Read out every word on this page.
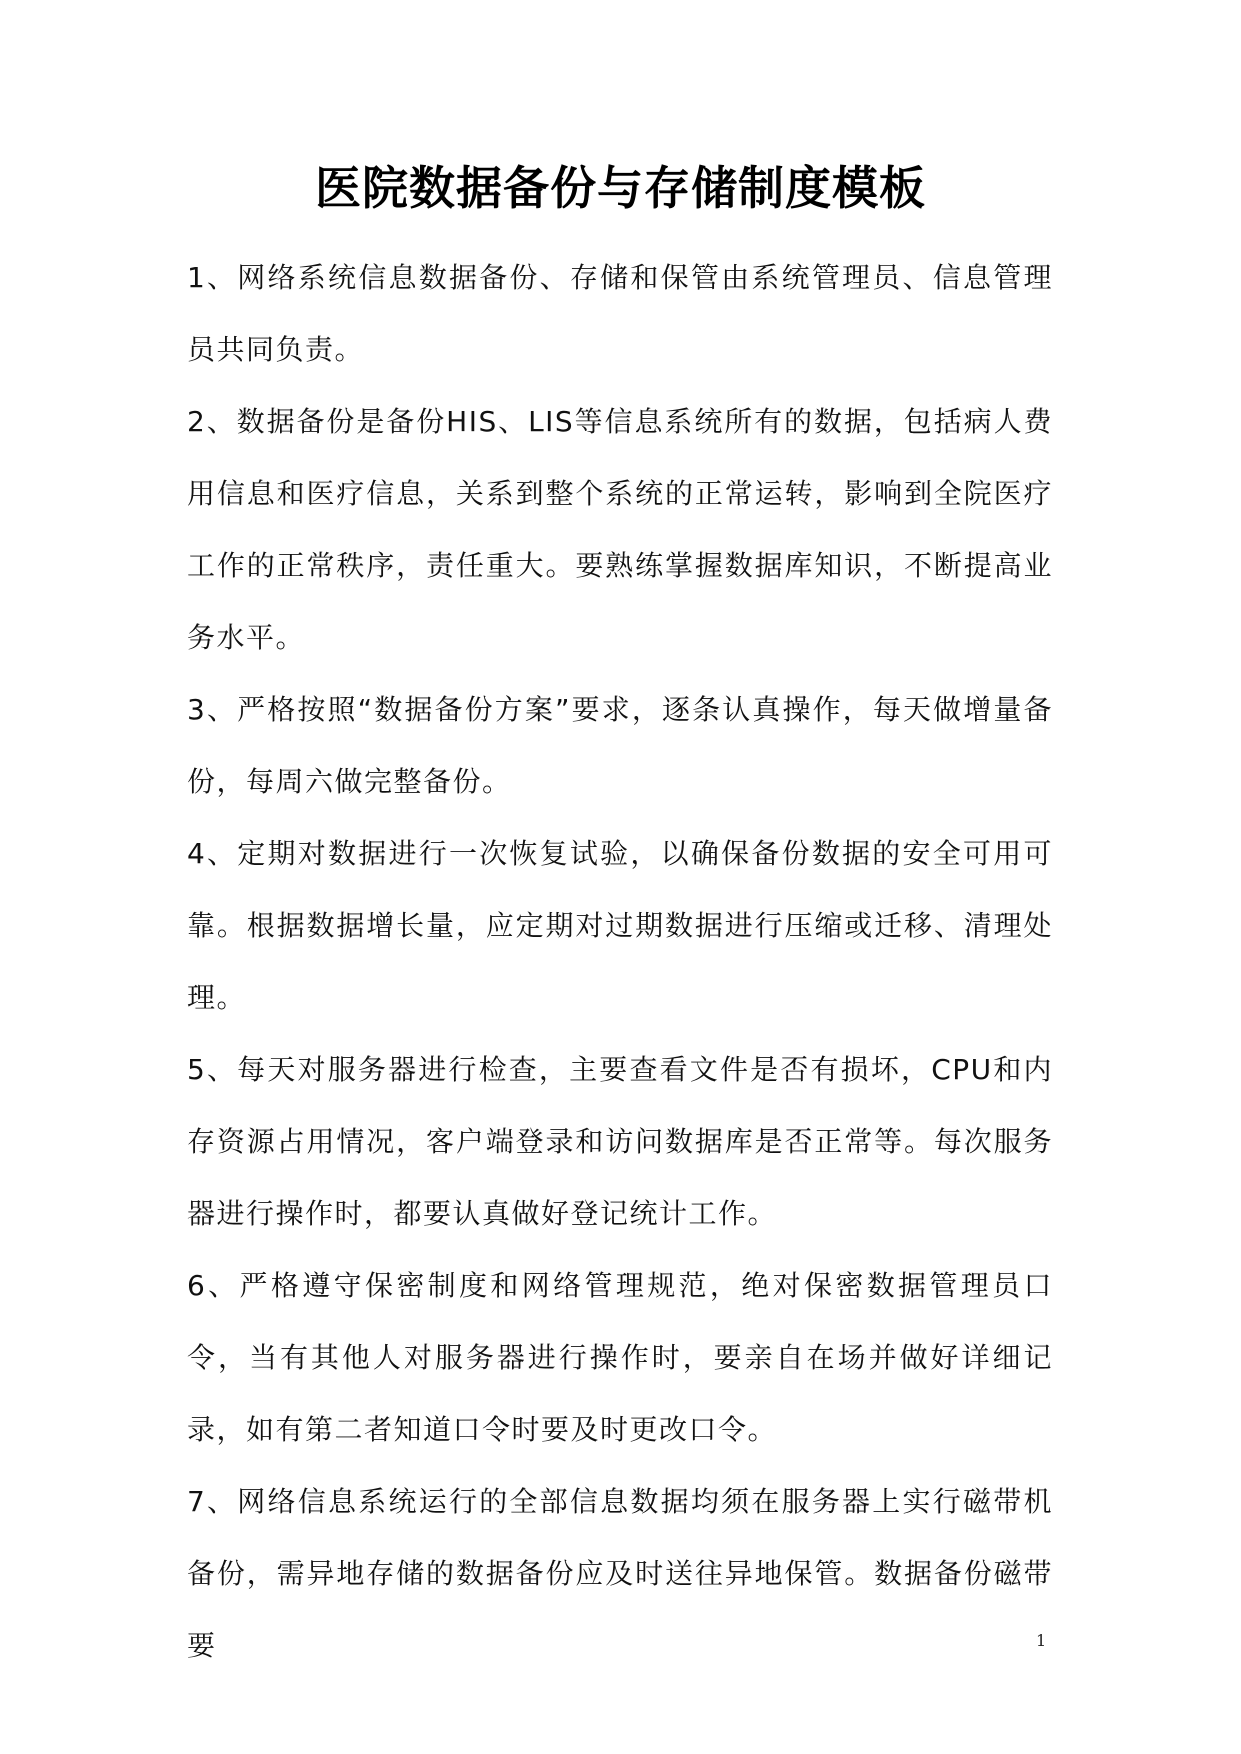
医院数据备份与存储制度模板

1、网络系统信息数据备份、存储和保管由系统管理员、信息管理员共同负责。

2、数据备份是备份HIS、LIS等信息系统所有的数据，包括病人费用信息和医疗信息，关系到整个系统的正常运转，影响到全院医疗工作的正常秩序，责任重大。要熟练掌握数据库知识，不断提高业务水平。

3、严格按照“数据备份方案”要求，逐条认真操作，每天做增量备份，每周六做完整备份。

4、定期对数据进行一次恢复试验，以确保备份数据的安全可用可靠。根据数据增长量，应定期对过期数据进行压缩或迁移、清理处理。

5、每天对服务器进行检查，主要查看文件是否有损坏，CPU和内存资源占用情况，客户端登录和访问数据库是否正常等。每次服务器进行操作时，都要认真做好登记统计工作。

6、严格遵守保密制度和网络管理规范，绝对保密数据管理员口令，当有其他人对服务器进行操作时，要亲自在场并做好详细记录，如有第二者知道口令时要及时更改口令。

7、网络信息系统运行的全部信息数据均须在服务器上实行磁带机备份，需异地存储的数据备份应及时送往异地保管。数据备份磁带要	1
